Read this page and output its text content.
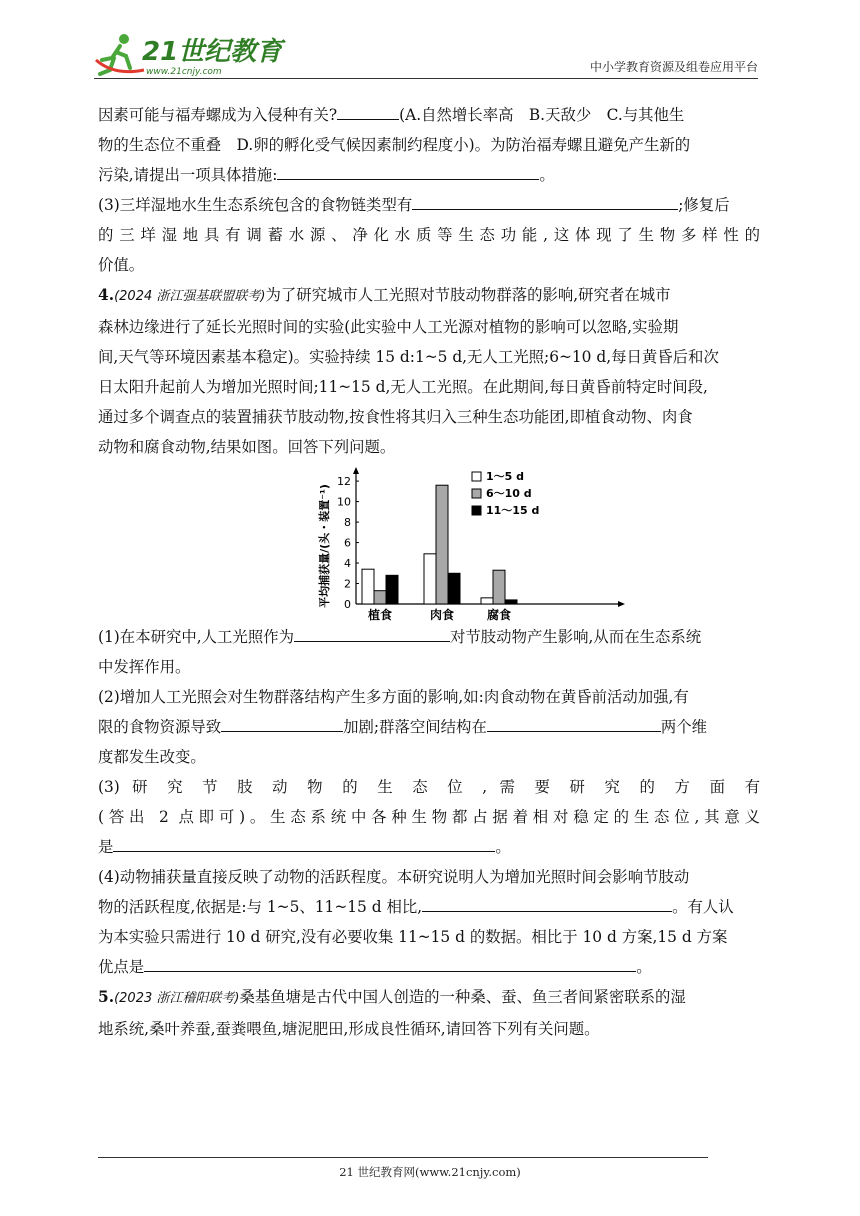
21世纪教育
www.21cnjy.com	中小学教育资源及组卷应用平台

因素可能与福寿螺成为入侵种有关?	(A.自然增长率高　B.天敌少　C.与其他生

物的生态位不重叠　D.卵的孵化受气候因素制约程度小)。为防治福寿螺且避免产生新的

污染,请提出一项具体措施:	。

(3)三垟湿地水生生态系统包含的食物链类型有	;修复后

的三垟湿地具有调蓄水源、净化水质等生态功能,这体现了生物多样性的

价值。

4.(2024 浙江强基联盟联考)为了研究城市人工光照对节肢动物群落的影响,研究者在城市

森林边缘进行了延长光照时间的实验(此实验中人工光源对植物的影响可以忽略,实验期

间,天气等环境因素基本稳定)。实验持续 15 d:1~5 d,无人工光照;6~10 d,每日黄昏后和次

日太阳升起前人为增加光照时间;11~15 d,无人工光照。在此期间,每日黄昏前特定时间段,

通过多个调查点的装置捕获节肢动物,按食性将其归入三种生态功能团,即植食动物、肉食

动物和腐食动物,结果如图。回答下列问题。

0
2
4
6
8
10
12
平均捕获量/(头・装置⁻¹)
植食	肉食	腐食
1～5 d
6～10 d
11～15 d

(1)在本研究中,人工光照作为	对节肢动物产生影响,从而在生态系统

中发挥作用。

(2)增加人工光照会对生物群落结构产生多方面的影响,如:肉食动物在黄昏前活动加强,有

限的食物资源导致	加剧;群落空间结构在	两个维

度都发生改变。

(3) 研 究 节 肢 动 物 的 生 态 位 , 需 要 研 究 的 方 面 有

(答出 2 点即可)。生态系统中各种生物都占据着相对稳定的生态位,其意义

是	。

(4)动物捕获量直接反映了动物的活跃程度。本研究说明人为增加光照时间会影响节肢动

物的活跃程度,依据是:与 1~5、11~15 d 相比,	。有人认

为本实验只需进行 10 d 研究,没有必要收集 11~15 d 的数据。相比于 10 d 方案,15 d 方案

优点是	。

5.(2023 浙江稽阳联考)桑基鱼塘是古代中国人创造的一种桑、蚕、鱼三者间紧密联系的湿

地系统,桑叶养蚕,蚕粪喂鱼,塘泥肥田,形成良性循环,请回答下列有关问题。

21 世纪教育网(www.21cnjy.com)
